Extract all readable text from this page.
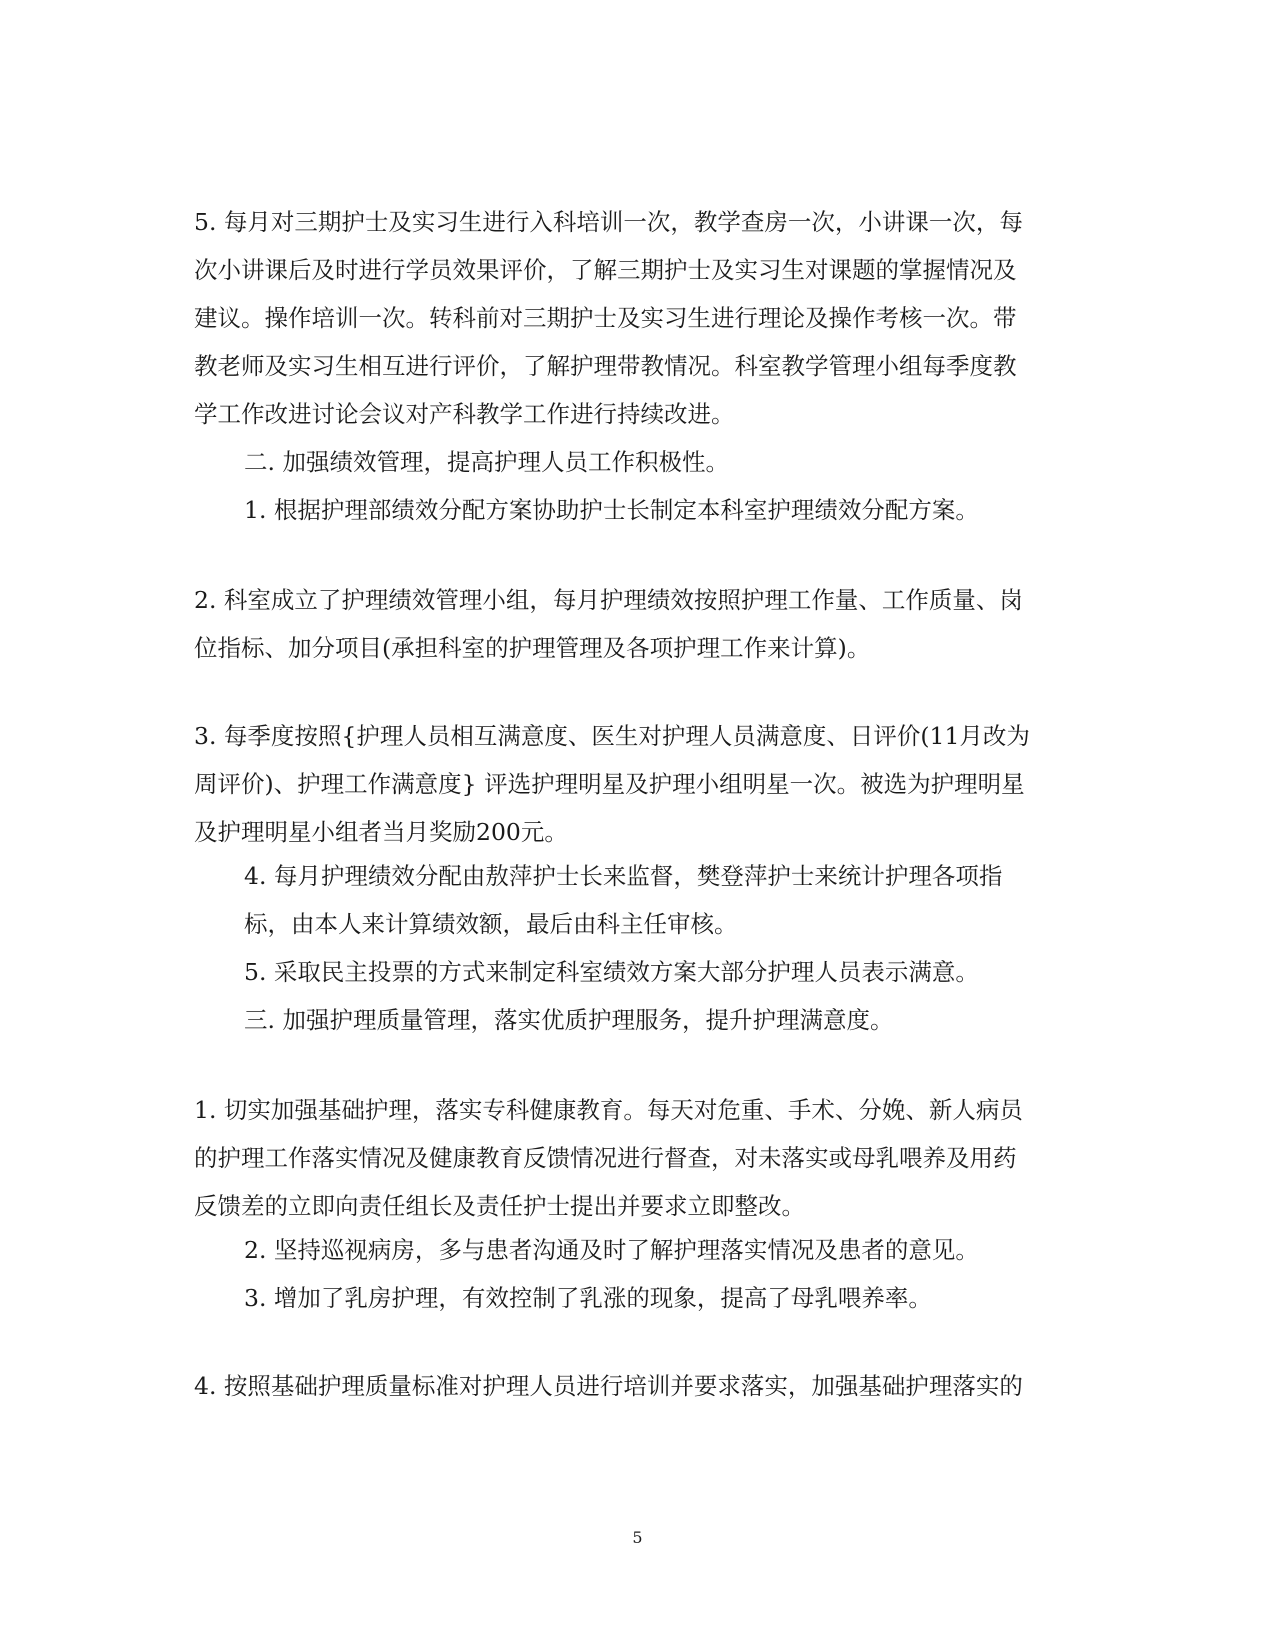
5. 每月对三期护士及实习生进行入科培训一次，教学查房一次，小讲课一次，每
次小讲课后及时进行学员效果评价，了解三期护士及实习生对课题的掌握情况及
建议。操作培训一次。转科前对三期护士及实习生进行理论及操作考核一次。带
教老师及实习生相互进行评价，了解护理带教情况。科室教学管理小组每季度教
学工作改进讨论会议对产科教学工作进行持续改进。
二. 加强绩效管理，提高护理人员工作积极性。
1. 根据护理部绩效分配方案协助护士长制定本科室护理绩效分配方案。
2. 科室成立了护理绩效管理小组，每月护理绩效按照护理工作量、工作质量、岗
位指标、加分项目(承担科室的护理管理及各项护理工作来计算)。
3. 每季度按照{护理人员相互满意度、医生对护理人员满意度、日评价(11月改为
周评价)、护理工作满意度} 评选护理明星及护理小组明星一次。被选为护理明星
及护理明星小组者当月奖励200元。
4. 每月护理绩效分配由敖萍护士长来监督，樊登萍护士来统计护理各项指
标，由本人来计算绩效额，最后由科主任审核。
5. 采取民主投票的方式来制定科室绩效方案大部分护理人员表示满意。
三. 加强护理质量管理，落实优质护理服务，提升护理满意度。
1. 切实加强基础护理，落实专科健康教育。每天对危重、手术、分娩、新人病员
的护理工作落实情况及健康教育反馈情况进行督查，对未落实或母乳喂养及用药
反馈差的立即向责任组长及责任护士提出并要求立即整改。
2. 坚持巡视病房，多与患者沟通及时了解护理落实情况及患者的意见。
3. 增加了乳房护理，有效控制了乳涨的现象，提高了母乳喂养率。
4. 按照基础护理质量标准对护理人员进行培训并要求落实，加强基础护理落实的
5
